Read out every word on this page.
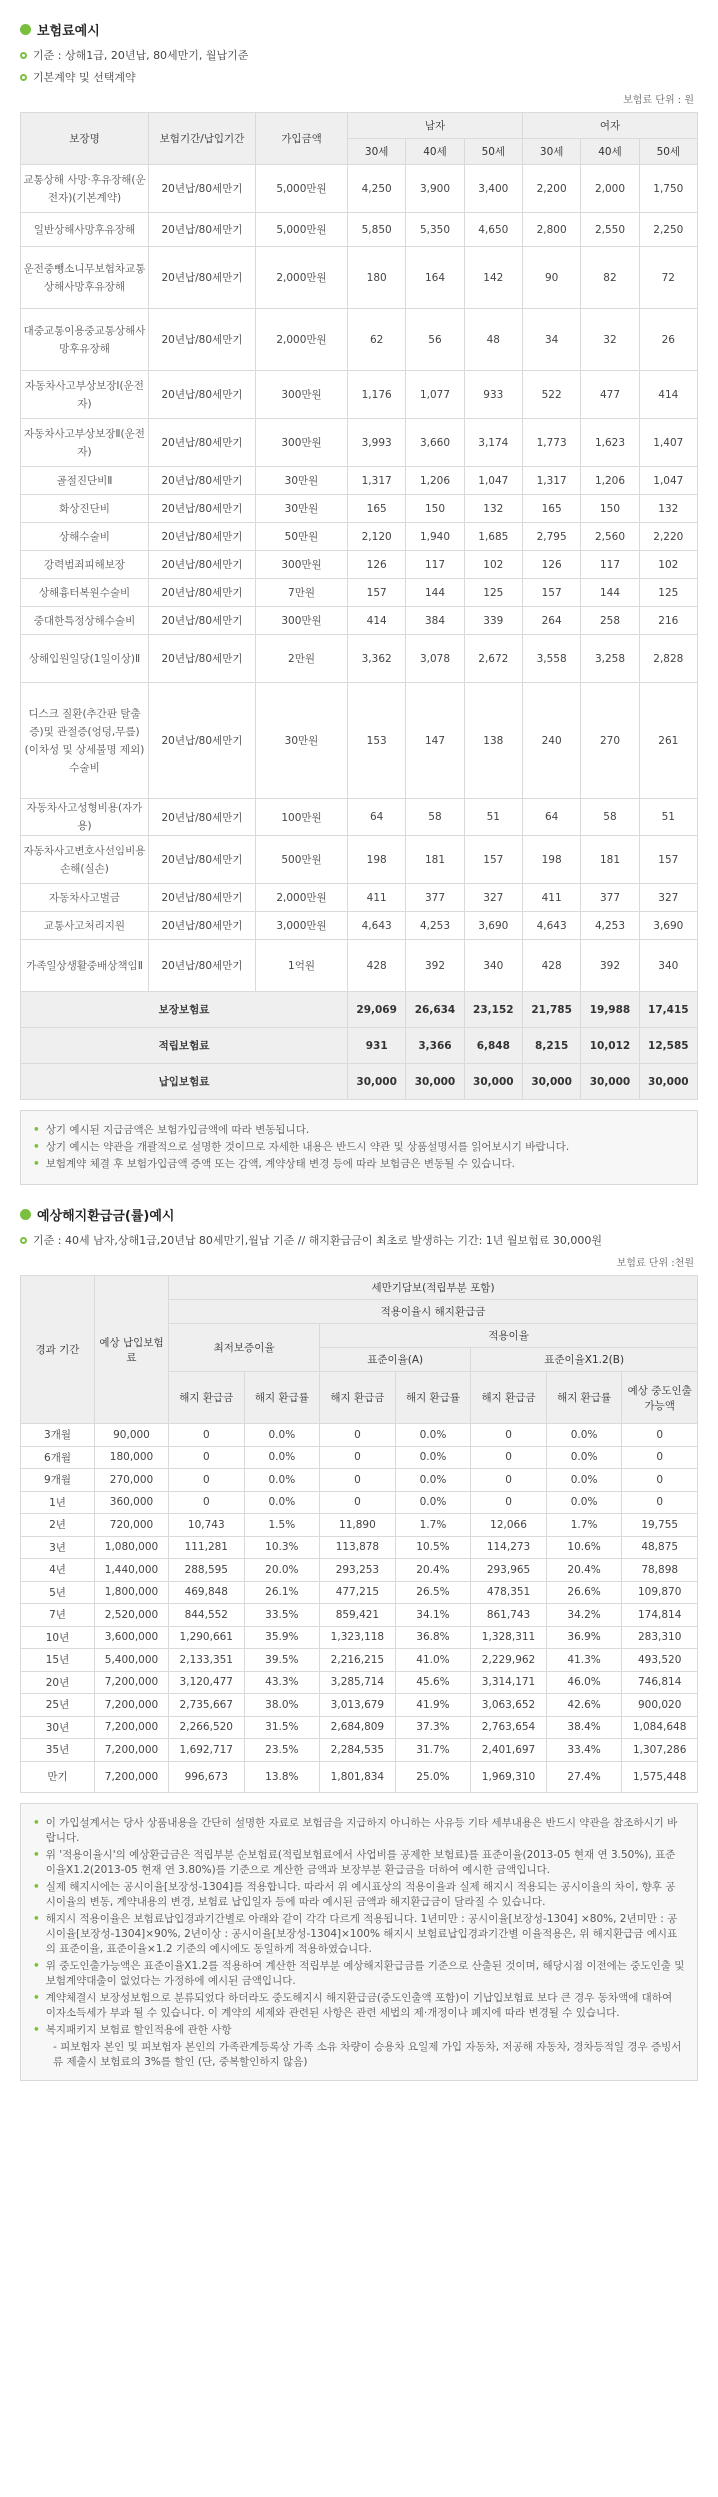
보험료예시
기준 : 상해1급, 20년납, 80세만기, 월납기준
기본계약 및 선택계약
보험료 단위 : 원
보장명	보험기간/납입기간	가입금액	남자			여자		
			30세	40세	50세	30세	40세	50세
교통상해 사망·후유장해(운전자)(기본계약)	20년납/80세만기	5,000만원	4,250	3,900	3,400	2,200	2,000	1,750
일반상해사망후유장해	20년납/80세만기	5,000만원	5,850	5,350	4,650	2,800	2,550	2,250
운전중뺑소니무보험차교통상해사망후유장해	20년납/80세만기	2,000만원	180	164	142	90	82	72
대중교통이용중교통상해사망후유장해	20년납/80세만기	2,000만원	62	56	48	34	32	26
자동차사고부상보장Ⅰ(운전자)	20년납/80세만기	300만원	1,176	1,077	933	522	477	414
자동차사고부상보장Ⅱ(운전자)	20년납/80세만기	300만원	3,993	3,660	3,174	1,773	1,623	1,407
골절진단비Ⅱ	20년납/80세만기	30만원	1,317	1,206	1,047	1,317	1,206	1,047
화상진단비	20년납/80세만기	30만원	165	150	132	165	150	132
상해수술비	20년납/80세만기	50만원	2,120	1,940	1,685	2,795	2,560	2,220
강력범죄피해보장	20년납/80세만기	300만원	126	117	102	126	117	102
상해흉터복원수술비	20년납/80세만기	7만원	157	144	125	157	144	125
중대한특정상해수술비	20년납/80세만기	300만원	414	384	339	264	258	216
상해입원일당(1일이상)Ⅱ	20년납/80세만기	2만원	3,362	3,078	2,672	3,558	3,258	2,828
디스크 질환(추간판 탈출증)및 관절증(엉덩,무릎)(이차성 및 상세불명 제외) 수술비	20년납/80세만기	30만원	153	147	138	240	270	261
자동차사고성형비용(자가용)	20년납/80세만기	100만원	64	58	51	64	58	51
자동차사고변호사선임비용손해(실손)	20년납/80세만기	500만원	198	181	157	198	181	157
자동차사고벌금	20년납/80세만기	2,000만원	411	377	327	411	377	327
교통사고처리지원	20년납/80세만기	3,000만원	4,643	4,253	3,690	4,643	4,253	3,690
가족일상생활중배상책임Ⅱ	20년납/80세만기	1억원	428	392	340	428	392	340
보장보험료			29,069	26,634	23,152	21,785	19,988	17,415
적립보험료			931	3,366	6,848	8,215	10,012	12,585
납입보험료			30,000	30,000	30,000	30,000	30,000	30,000
• 상기 예시된 지급금액은 보험가입금액에 따라 변동됩니다.
• 상기 예시는 약관을 개괄적으로 설명한 것이므로 자세한 내용은 반드시 약관 및 상품설명서를 읽어보시기 바랍니다.
• 보험계약 체결 후 보험가입금액 증액 또는 감액, 계약상태 변경 등에 따라 보험금은 변동될 수 있습니다.
예상해지환급금(률)예시
기준 : 40세 남자,상해1급,20년납 80세만기,월납 기준 // 해지환급금이 최초로 발생하는 기간: 1년 월보험료 30,000원
보험료 단위 :천원
경과 기간	예상 납입보험료	세만기담보(적립부분 포함)						
		적용이율시 해지환급금						
		최저보증이율		적용이율				
				표준이율(A)		표준이율X1.2(B)		
		해지 환급금	해지 환급률	해지 환급금	해지 환급률	해지 환급금	해지 환급률	예상 중도인출 가능액
3개월	90,000	0	0.0%	0	0.0%	0	0.0%	0
6개월	180,000	0	0.0%	0	0.0%	0	0.0%	0
9개월	270,000	0	0.0%	0	0.0%	0	0.0%	0
1년	360,000	0	0.0%	0	0.0%	0	0.0%	0
2년	720,000	10,743	1.5%	11,890	1.7%	12,066	1.7%	19,755
3년	1,080,000	111,281	10.3%	113,878	10.5%	114,273	10.6%	48,875
4년	1,440,000	288,595	20.0%	293,253	20.4%	293,965	20.4%	78,898
5년	1,800,000	469,848	26.1%	477,215	26.5%	478,351	26.6%	109,870
7년	2,520,000	844,552	33.5%	859,421	34.1%	861,743	34.2%	174,814
10년	3,600,000	1,290,661	35.9%	1,323,118	36.8%	1,328,311	36.9%	283,310
15년	5,400,000	2,133,351	39.5%	2,216,215	41.0%	2,229,962	41.3%	493,520
20년	7,200,000	3,120,477	43.3%	3,285,714	45.6%	3,314,171	46.0%	746,814
25년	7,200,000	2,735,667	38.0%	3,013,679	41.9%	3,063,652	42.6%	900,020
30년	7,200,000	2,266,520	31.5%	2,684,809	37.3%	2,763,654	38.4%	1,084,648
35년	7,200,000	1,692,717	23.5%	2,284,535	31.7%	2,401,697	33.4%	1,307,286
만기	7,200,000	996,673	13.8%	1,801,834	25.0%	1,969,310	27.4%	1,575,448
• 이 가입설계서는 당사 상품내용을 간단히 설명한 자료로 보험금을 지급하지 아니하는 사유등 기타 세부내용은 반드시 약관을 참조하시기 바랍니다.
• 위 '적용이율시'의 예상환급금은 적립부분 순보험료(적립보험료에서 사업비를 공제한 보험료)를 표준이율(2013-05 현재 연 3.50%), 표준이율X1.2(2013-05 현재 연 3.80%)를 기준으로 계산한 금액과 보장부분 환급금을 더하여 예시한 금액입니다.
• 실제 해지시에는 공시이율[보장성-1304]를 적용합니다. 따라서 위 예시표상의 적용이율과 실제 해지시 적용되는 공시이율의 차이, 향후 공시이율의 변동, 계약내용의 변경, 보험료 납입일자 등에 따라 예시된 금액과 해지환급금이 달라질 수 있습니다.
• 해지시 적용이율은 보험료납입경과기간별로 아래와 같이 각각 다르게 적용됩니다. 1년미만 : 공시이율[보장성-1304] ×80%, 2년미만 : 공시이율[보장성-1304]×90%, 2년이상 : 공시이율[보장성-1304]×100% 해지시 보험료납입경과기간별 이율적용은, 위 해지환급금 예시표의 표준이율, 표준이율×1.2 기준의 예시에도 동일하게 적용하였습니다.
• 위 중도인출가능액은 표준이율X1.2를 적용하여 계산한 적립부분 예상해지환급금를 기준으로 산출된 것이며, 해당시점 이전에는 중도인출 및 보험계약대출이 없었다는 가정하에 예시된 금액입니다.
• 계약체결시 보장성보험으로 분류되었다 하더라도 중도해지시 해지환급금(중도인출액 포함)이 기납입보험료 보다 큰 경우 동차액에 대하여 이자소득세가 부과 될 수 있습니다. 이 계약의 세제와 관련된 사항은 관련 세법의 제·개정이나 폐지에 따라 변경될 수 있습니다.
• 복지패키지 보험료 할인적용에 관한 사항
- 피보험자 본인 및 피보험자 본인의 가족관계등록상 가족 소유 차량이 승용차 요일제 가입 자동차, 저공해 자동차, 경차등적일 경우 증빙서류 제출시 보험료의 3%를 할인 (단, 중복할인하지 않음)
